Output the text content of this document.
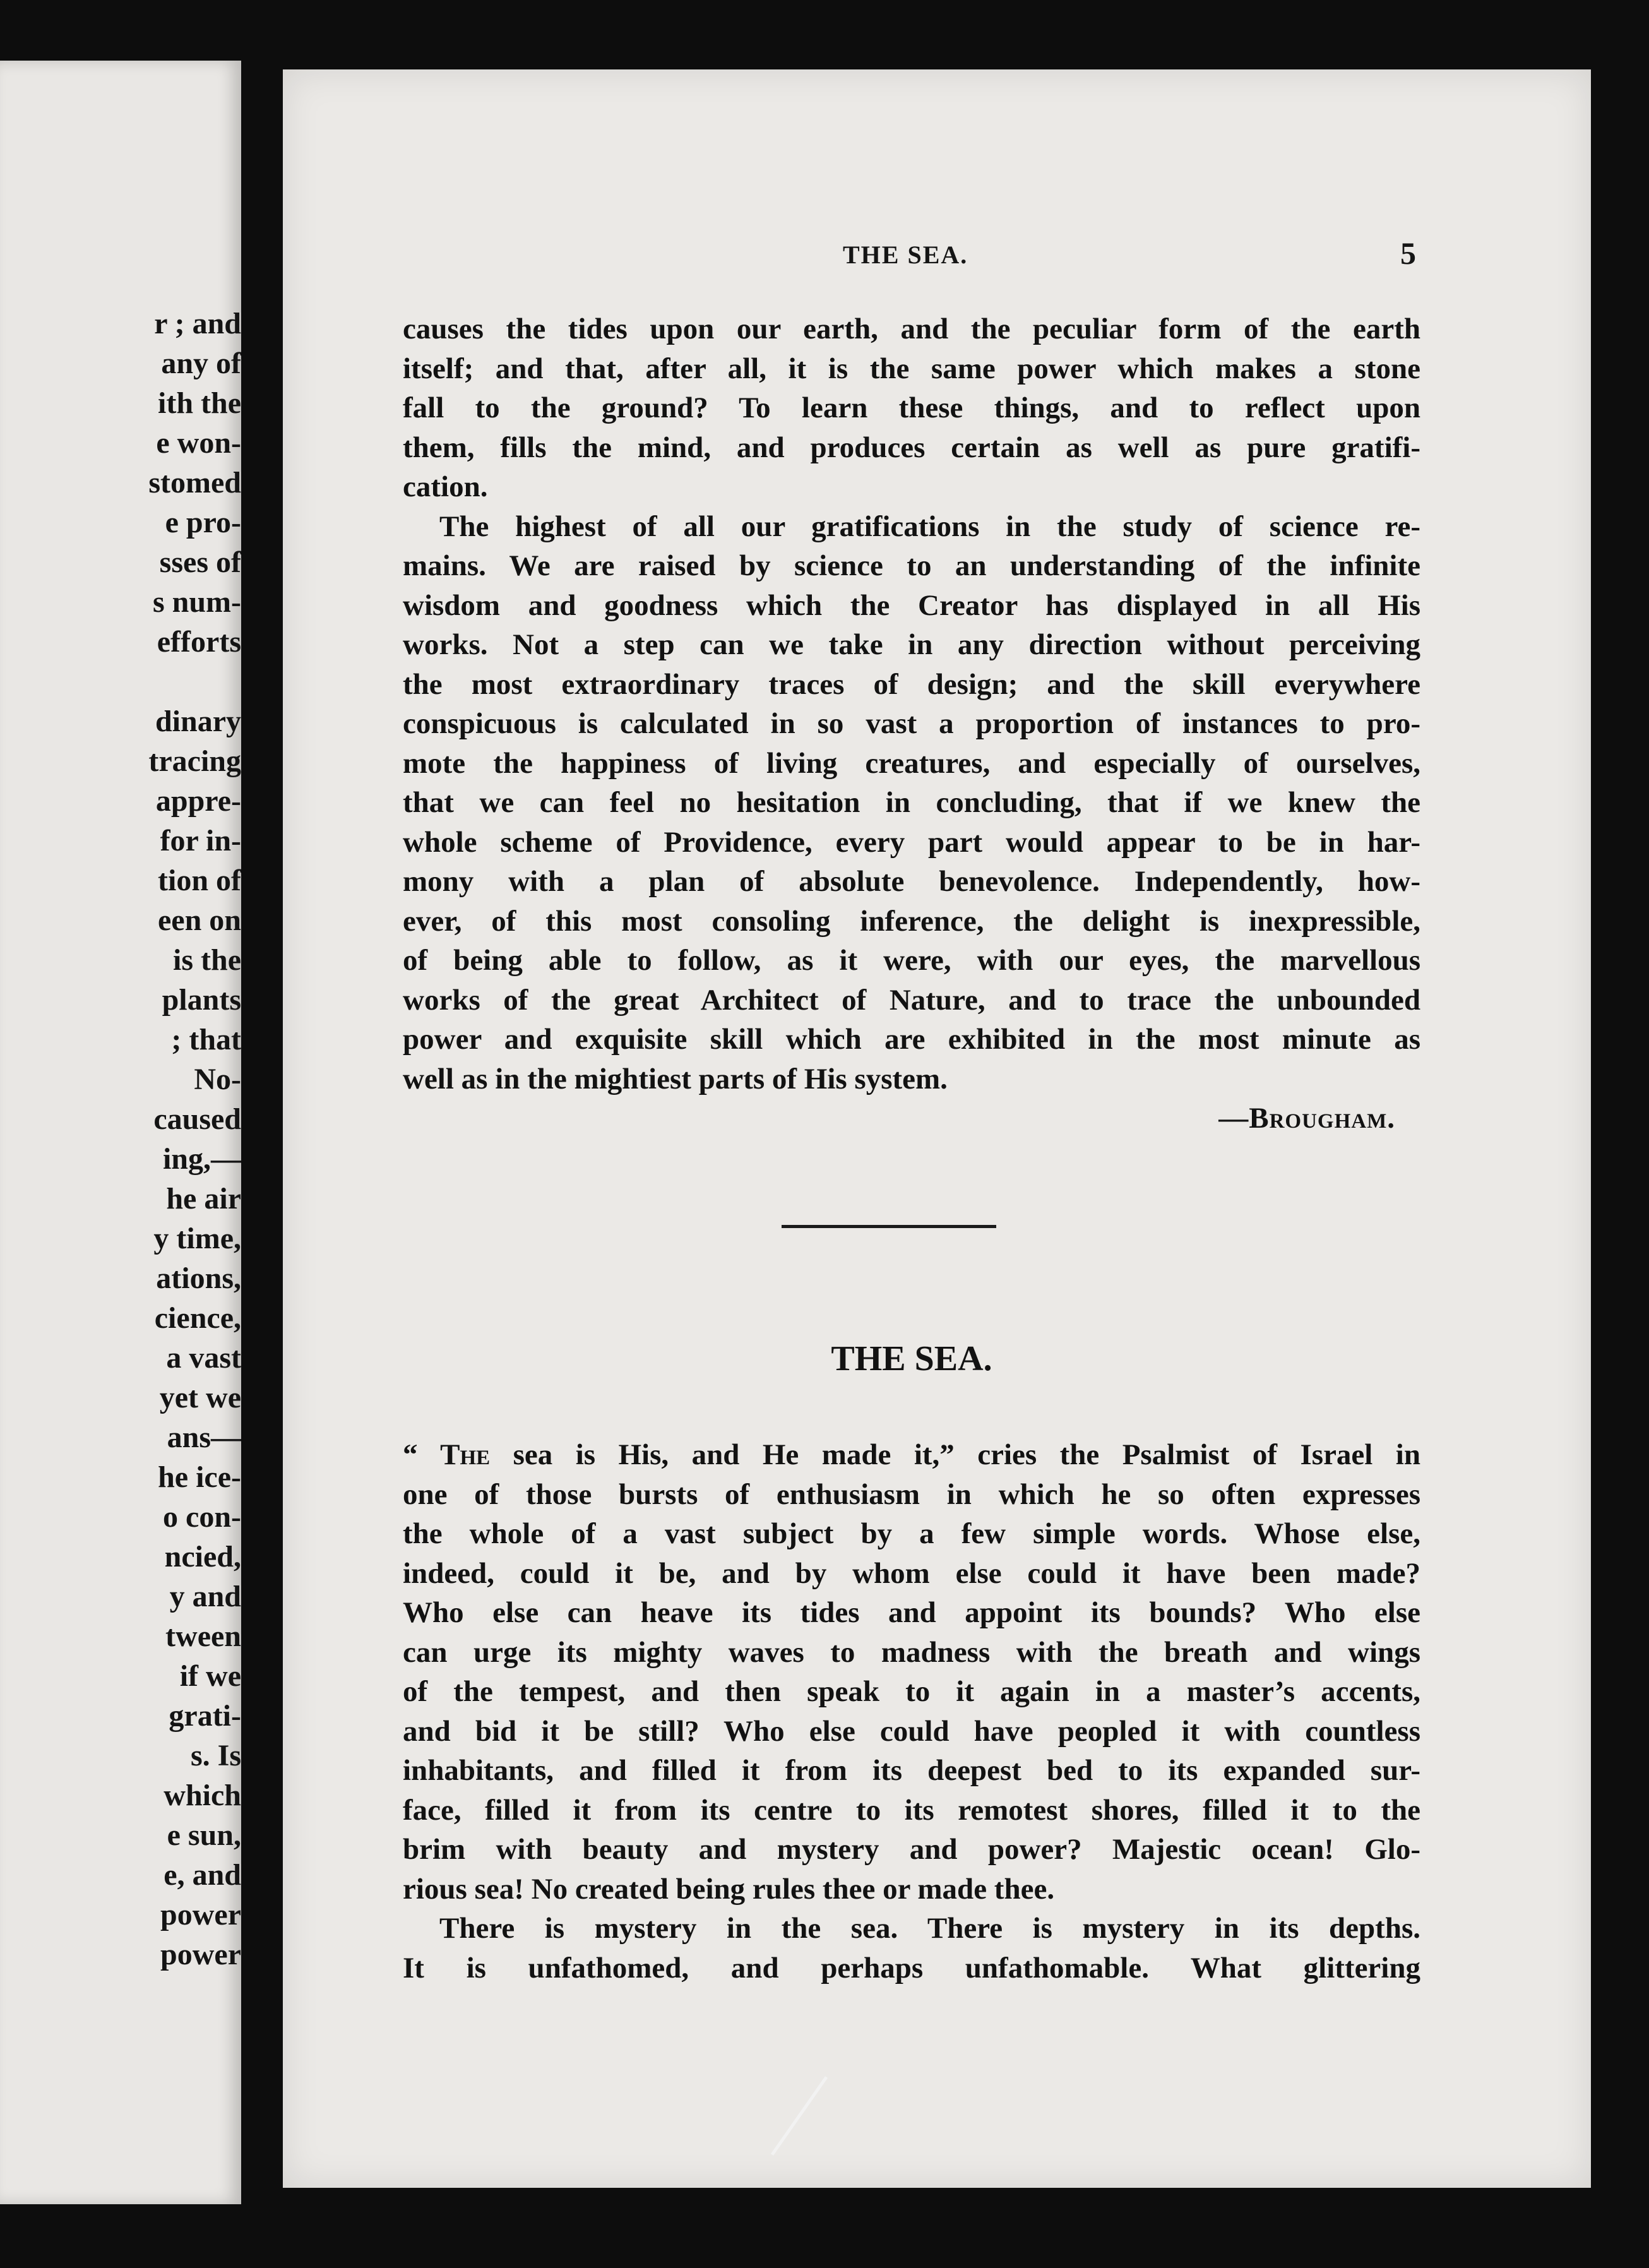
r ; and
any of
ith the
e won-
stomed
e pro-
sses of
s num-
efforts
dinary
tracing
appre-
for in-
tion of
een on
is the
plants
; that
No-
caused
ing,—
he air
y time,
ations,
cience,
a vast
yet we
ans—
he ice-
o con-
ncied,
y and
tween
if we
grati-
s. Is
which
e sun,
e, and
power
power
THE SEA.	5
causes the tides upon our earth, and the peculiar form of the earth
itself; and that, after all, it is the same power which makes a stone
fall to the ground? To learn these things, and to reflect upon
them, fills the mind, and produces certain as well as pure gratifi-
cation.
The highest of all our gratifications in the study of science re-
mains. We are raised by science to an understanding of the infinite
wisdom and goodness which the Creator has displayed in all His
works. Not a step can we take in any direction without perceiving
the most extraordinary traces of design; and the skill everywhere
conspicuous is calculated in so vast a proportion of instances to pro-
mote the happiness of living creatures, and especially of ourselves,
that we can feel no hesitation in concluding, that if we knew the
whole scheme of Providence, every part would appear to be in har-
mony with a plan of absolute benevolence. Independently, how-
ever, of this most consoling inference, the delight is inexpressible,
of being able to follow, as it were, with our eyes, the marvellous
works of the great Architect of Nature, and to trace the unbounded
power and exquisite skill which are exhibited in the most minute as
well as in the mightiest parts of His system.
—Brougham.
THE SEA.
“ The sea is His, and He made it,” cries the Psalmist of Israel in
one of those bursts of enthusiasm in which he so often expresses
the whole of a vast subject by a few simple words. Whose else,
indeed, could it be, and by whom else could it have been made?
Who else can heave its tides and appoint its bounds? Who else
can urge its mighty waves to madness with the breath and wings
of the tempest, and then speak to it again in a master’s accents,
and bid it be still? Who else could have peopled it with countless
inhabitants, and filled it from its deepest bed to its expanded sur-
face, filled it from its centre to its remotest shores, filled it to the
brim with beauty and mystery and power? Majestic ocean! Glo-
rious sea! No created being rules thee or made thee.
There is mystery in the sea. There is mystery in its depths.
It is unfathomed, and perhaps unfathomable. What glittering
